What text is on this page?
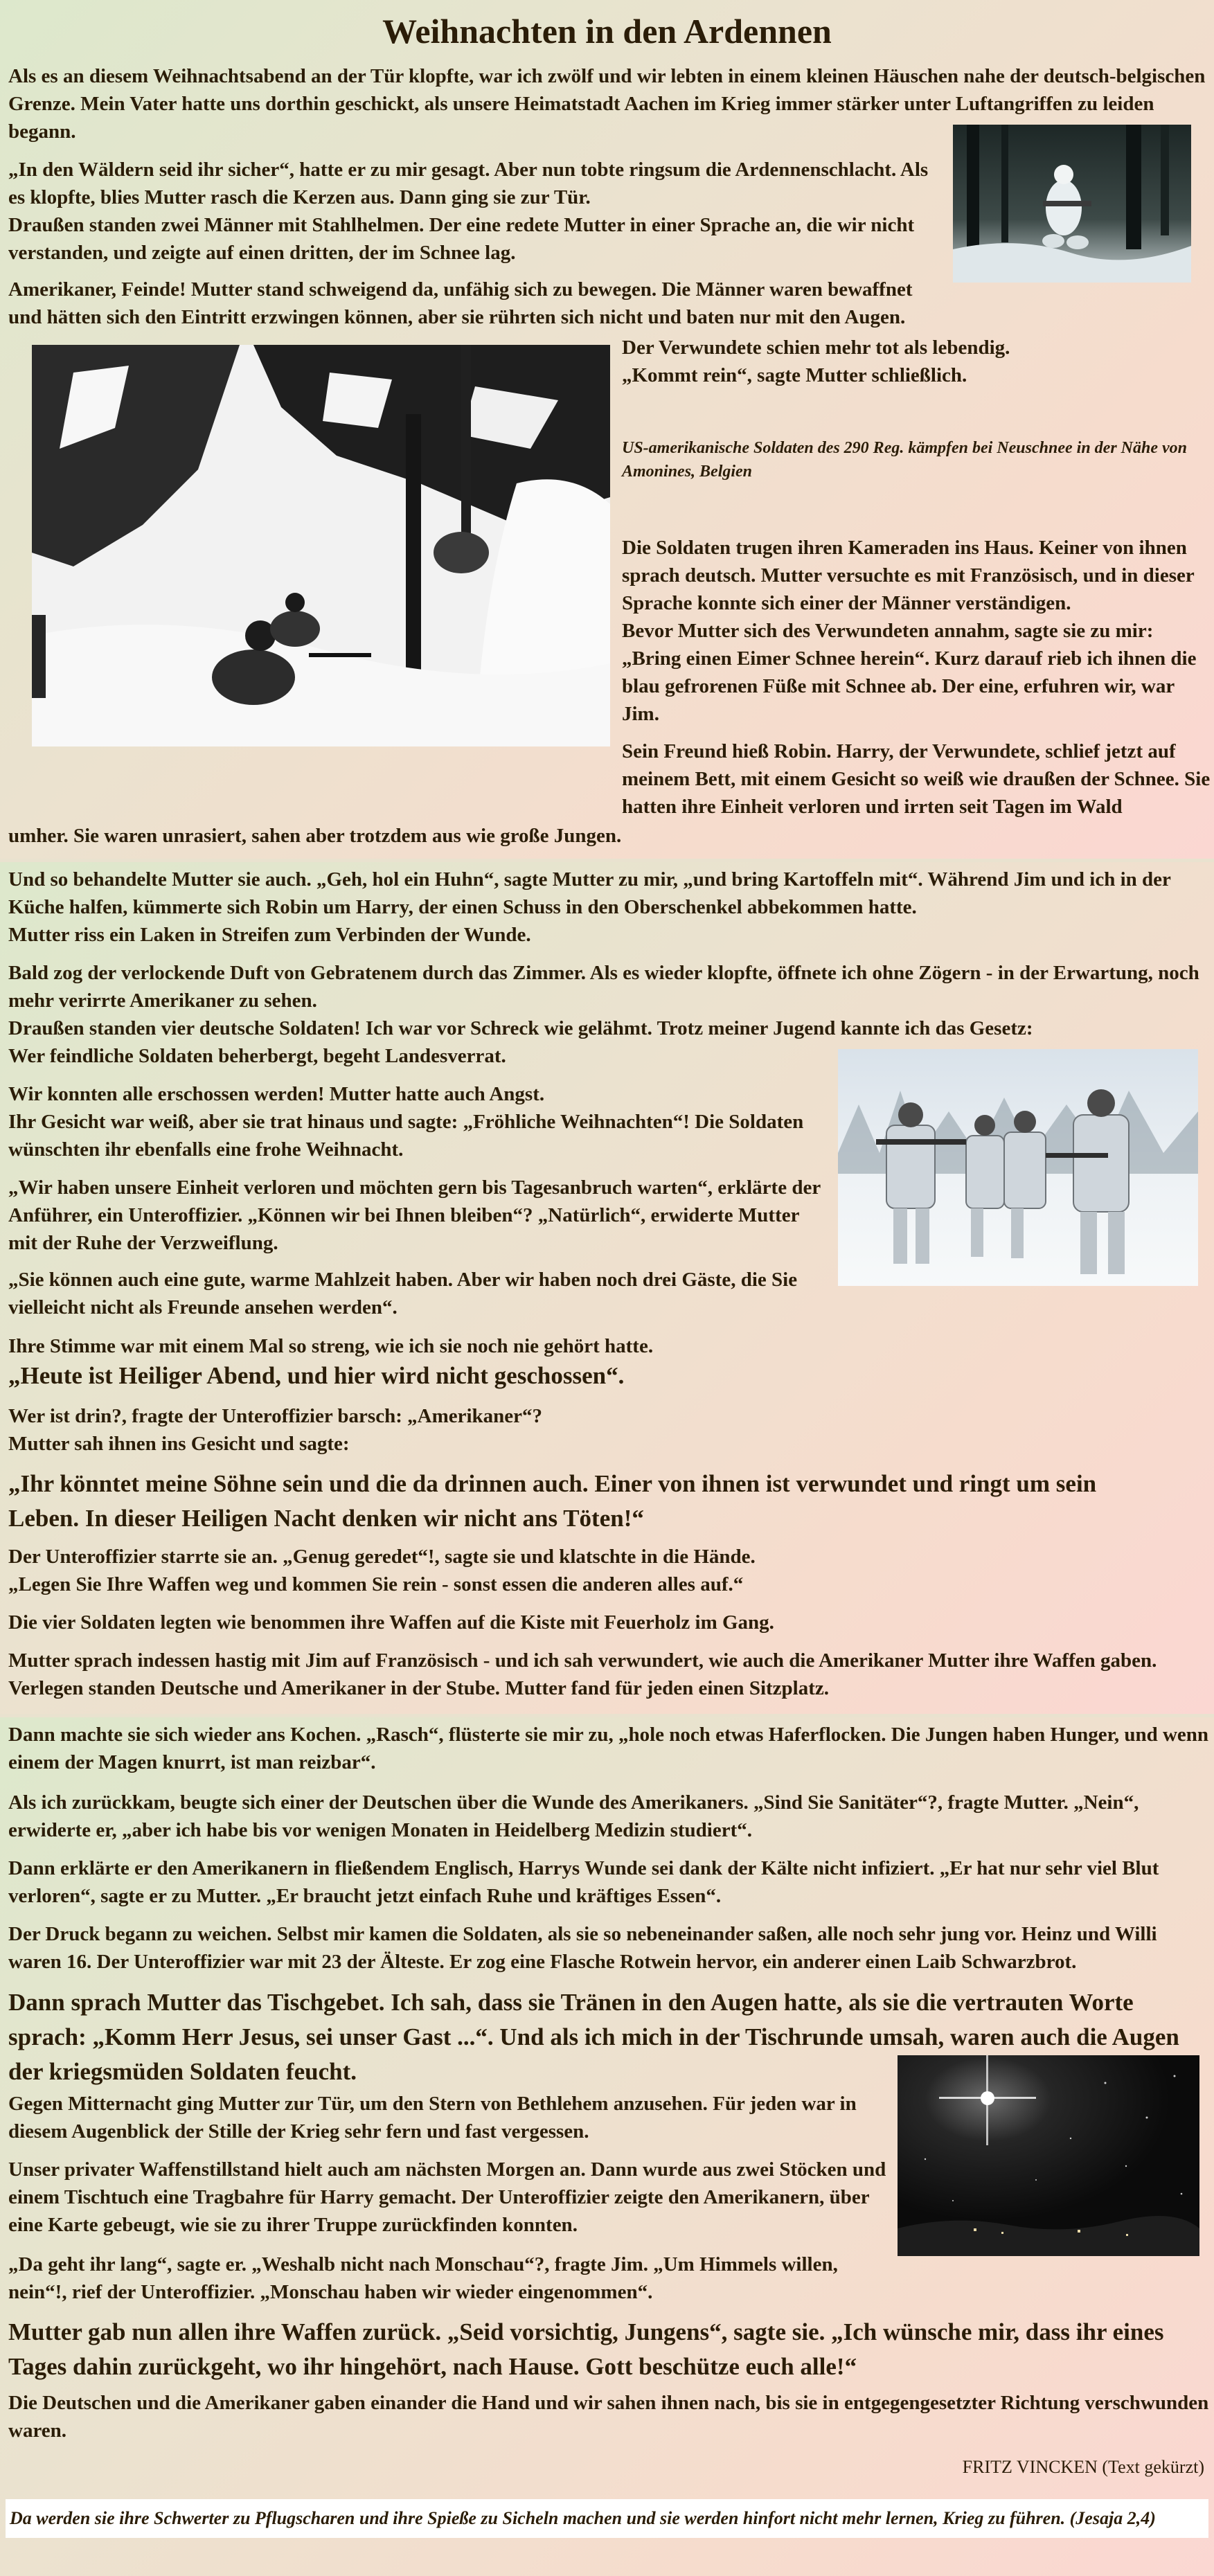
Weihnachten in den Ardennen

Als es an diesem Weihnachtsabend an der Tür klopfte, war ich zwölf und wir lebten in einem kleinen Häuschen nahe der deutsch-belgischen Grenze. Mein Vater hatte uns dorthin geschickt, als unsere Heimatstadt Aachen im Krieg immer stärker unter Luftangriffen zu leiden begann.

„In den Wäldern seid ihr sicher“, hatte er zu mir gesagt. Aber nun tobte ringsum die Ardennenschlacht. Als es klopfte, blies Mutter rasch die Kerzen aus. Dann ging sie zur Tür.

Draußen standen zwei Männer mit Stahlhelmen. Der eine redete Mutter in einer Sprache an, die wir nicht verstanden, und zeigte auf einen dritten, der im Schnee lag.

Amerikaner, Feinde! Mutter stand schweigend da, unfähig sich zu bewegen. Die Männer waren bewaffnet und hätten sich den Eintritt erzwingen können, aber sie rührten sich nicht und baten nur mit den Augen.

Der Verwundete schien mehr tot als lebendig.

„Kommt rein“, sagte Mutter schließlich.

US-amerikanische Soldaten des 290 Reg. kämpfen bei Neuschnee in der Nähe von Amonines, Belgien

Die Soldaten trugen ihren Kameraden ins Haus. Keiner von ihnen sprach deutsch. Mutter versuchte es mit Französisch, und in dieser Sprache konnte sich einer der Männer verständigen.

Bevor Mutter sich des Verwundeten annahm, sagte sie zu mir: „Bring einen Eimer Schnee herein“. Kurz darauf rieb ich ihnen die blau gefrorenen Füße mit Schnee ab. Der eine, erfuhren wir, war Jim.

Sein Freund hieß Robin. Harry, der Verwundete, schlief jetzt auf meinem Bett, mit einem Gesicht so weiß wie draußen der Schnee. Sie hatten ihre Einheit verloren und irrten seit Tagen im Wald

umher. Sie waren unrasiert, sahen aber trotzdem aus wie große Jungen.

Und so behandelte Mutter sie auch. „Geh, hol ein Huhn“, sagte Mutter zu mir, „und bring Kartoffeln mit“. Während Jim und ich in der Küche halfen, kümmerte sich Robin um Harry, der einen Schuss in den Oberschenkel abbekommen hatte.

Mutter riss ein Laken in Streifen zum Verbinden der Wunde.

Bald zog der verlockende Duft von Gebratenem durch das Zimmer. Als es wieder klopfte, öffnete ich ohne Zögern - in der Erwartung, noch mehr verirrte Amerikaner zu sehen.

Draußen standen vier deutsche Soldaten! Ich war vor Schreck wie gelähmt. Trotz meiner Jugend kannte ich das Gesetz:

Wer feindliche Soldaten beherbergt, begeht Landesverrat.

Wir konnten alle erschossen werden! Mutter hatte auch Angst.

Ihr Gesicht war weiß, aber sie trat hinaus und sagte: „Fröhliche Weihnachten“! Die Soldaten wünschten ihr ebenfalls eine frohe Weihnacht.

„Wir haben unsere Einheit verloren und möchten gern bis Tagesanbruch warten“, erklärte der Anführer, ein Unteroffizier. „Können wir bei Ihnen bleiben“? „Natürlich“, erwiderte Mutter mit der Ruhe der Verzweiflung.

„Sie können auch eine gute, warme Mahlzeit haben. Aber wir haben noch drei Gäste, die Sie vielleicht nicht als Freunde ansehen werden“.

Ihre Stimme war mit einem Mal so streng, wie ich sie noch nie gehört hatte.

„Heute ist Heiliger Abend, und hier wird nicht geschossen“.

Wer ist drin?, fragte der Unteroffizier barsch: „Amerikaner“?

Mutter sah ihnen ins Gesicht und sagte:

„Ihr könntet meine Söhne sein und die da drinnen auch. Einer von ihnen ist verwundet und ringt um sein Leben. In dieser Heiligen Nacht denken wir nicht ans Töten!“

Der Unteroffizier starrte sie an. „Genug geredet“!, sagte sie und klatschte in die Hände.

„Legen Sie Ihre Waffen weg und kommen Sie rein - sonst essen die anderen alles auf.“

Die vier Soldaten legten wie benommen ihre Waffen auf die Kiste mit Feuerholz im Gang.

Mutter sprach indessen hastig mit Jim auf Französisch - und ich sah verwundert, wie auch die Amerikaner Mutter ihre Waffen gaben. Verlegen standen Deutsche und Amerikaner in der Stube. Mutter fand für jeden einen Sitzplatz.

Dann machte sie sich wieder ans Kochen. „Rasch“, flüsterte sie mir zu, „hole noch etwas Haferflocken. Die Jungen haben Hunger, und wenn einem der Magen knurrt, ist man reizbar“.

Als ich zurückkam, beugte sich einer der Deutschen über die Wunde des Amerikaners. „Sind Sie Sanitäter“?, fragte Mutter. „Nein“, erwiderte er, „aber ich habe bis vor wenigen Monaten in Heidelberg Medizin studiert“.

Dann erklärte er den Amerikanern in fließendem Englisch, Harrys Wunde sei dank der Kälte nicht infiziert. „Er hat nur sehr viel Blut verloren“, sagte er zu Mutter. „Er braucht jetzt einfach Ruhe und kräftiges Essen“.

Der Druck begann zu weichen. Selbst mir kamen die Soldaten, als sie so nebeneinander saßen, alle noch sehr jung vor. Heinz und Willi waren 16. Der Unteroffizier war mit 23 der Älteste. Er zog eine Flasche Rotwein hervor, ein anderer einen Laib Schwarzbrot.

Dann sprach Mutter das Tischgebet. Ich sah, dass sie Tränen in den Augen hatte, als sie die vertrauten Worte sprach: „Komm Herr Jesus, sei unser Gast ...“. Und als ich mich in der Tischrunde umsah, waren auch die Augen der kriegsmüden Soldaten feucht.

Gegen Mitternacht ging Mutter zur Tür, um den Stern von Bethlehem anzusehen. Für jeden war in diesem Augenblick der Stille der Krieg sehr fern und fast vergessen.

Unser privater Waffenstillstand hielt auch am nächsten Morgen an. Dann wurde aus zwei Stöcken und einem Tischtuch eine Tragbahre für Harry gemacht. Der Unteroffizier zeigte den Amerikanern, über eine Karte gebeugt, wie sie zu ihrer Truppe zurückfinden konnten.

„Da geht ihr lang“, sagte er. „Weshalb nicht nach Monschau“?, fragte Jim. „Um Himmels willen, nein“!, rief der Unteroffizier. „Monschau haben wir wieder eingenommen“.

Mutter gab nun allen ihre Waffen zurück. „Seid vorsichtig, Jungens“, sagte sie. „Ich wünsche mir, dass ihr eines Tages dahin zurückgeht, wo ihr hingehört, nach Hause. Gott beschütze euch alle!“

Die Deutschen und die Amerikaner gaben einander die Hand und wir sahen ihnen nach, bis sie in entgegengesetzter Richtung verschwunden waren.

FRITZ VINCKEN (Text gekürzt)

Da werden sie ihre Schwerter zu Pflugscharen und ihre Spieße zu Sicheln machen und sie werden hinfort nicht mehr lernen, Krieg zu führen. (Jesaja 2,4)
